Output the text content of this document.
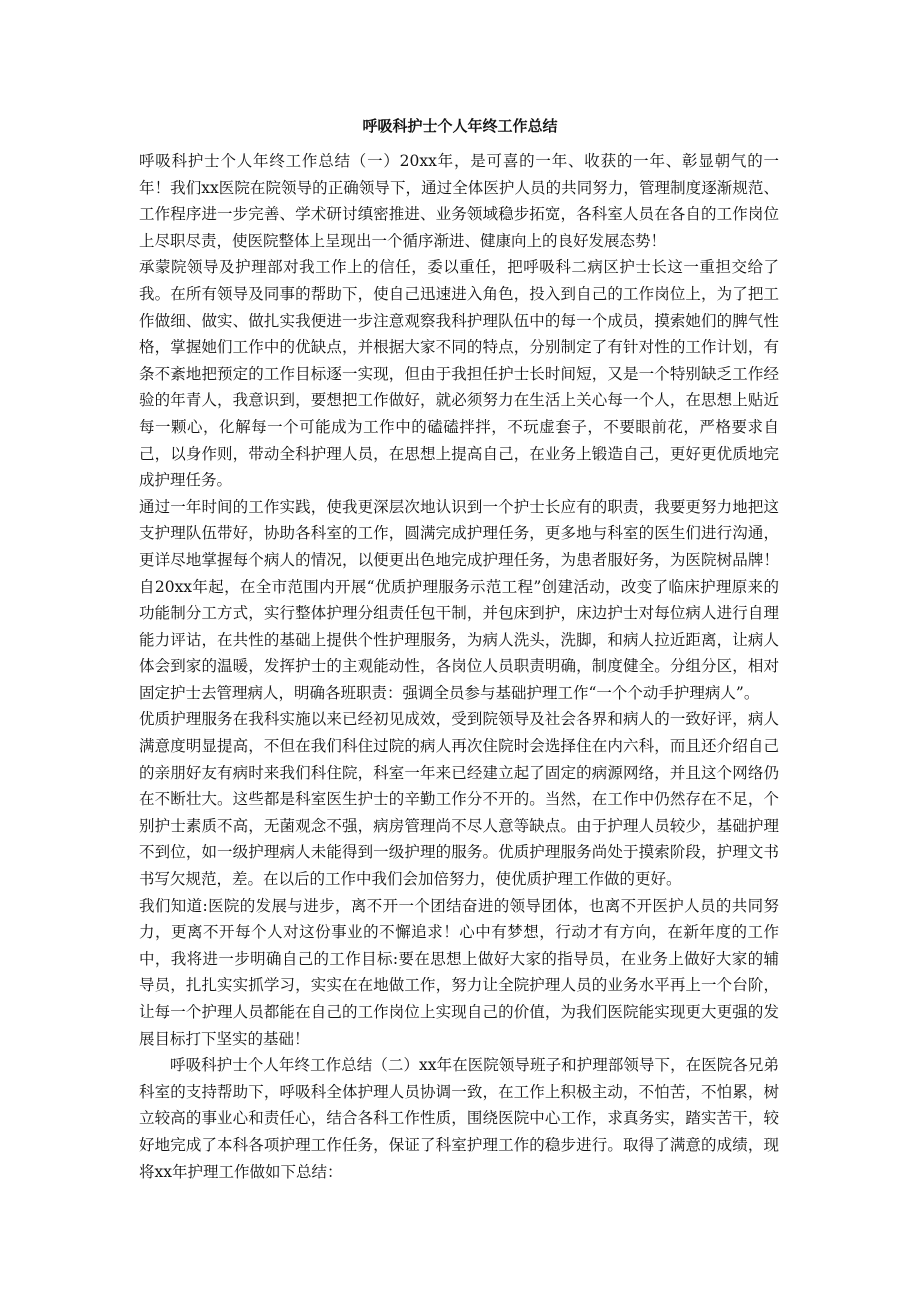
呼吸科护士个人年终工作总结

呼吸科护士个人年终工作总结（一）20xx年，是可喜的一年、收获的一年、彰显朝气的一年！我们xx医院在院领导的正确领导下，通过全体医护人员的共同努力，管理制度逐渐规范、工作程序进一步完善、学术研讨缜密推进、业务领域稳步拓宽，各科室人员在各自的工作岗位上尽职尽责，使医院整体上呈现出一个循序渐进、健康向上的良好发展态势！

承蒙院领导及护理部对我工作上的信任，委以重任，把呼吸科二病区护士长这一重担交给了我。在所有领导及同事的帮助下，使自己迅速进入角色，投入到自己的工作岗位上，为了把工作做细、做实、做扎实我便进一步注意观察我科护理队伍中的每一个成员，摸索她们的脾气性格，掌握她们工作中的优缺点，并根据大家不同的特点，分别制定了有针对性的工作计划，有条不紊地把预定的工作目标逐一实现，但由于我担任护士长时间短，又是一个特别缺乏工作经验的年青人，我意识到，要想把工作做好，就必须努力在生活上关心每一个人，在思想上贴近每一颗心，化解每一个可能成为工作中的磕磕拌拌，不玩虚套子，不要眼前花，严格要求自己，以身作则，带动全科护理人员，在思想上提高自己，在业务上锻造自己，更好更优质地完成护理任务。

通过一年时间的工作实践，使我更深层次地认识到一个护士长应有的职责，我要更努力地把这支护理队伍带好，协助各科室的工作，圆满完成护理任务，更多地与科室的医生们进行沟通，更详尽地掌握每个病人的情况，以便更出色地完成护理任务，为患者服好务，为医院树品牌！自20xx年起，在全市范围内开展“优质护理服务示范工程”创建活动，改变了临床护理原来的功能制分工方式，实行整体护理分组责任包干制，并包床到护，床边护士对每位病人进行自理能力评诂，在共性的基础上提供个性护理服务，为病人洗头，洗脚，和病人拉近距离，让病人体会到家的温暖，发挥护士的主观能动性，各岗位人员职责明确，制度健全。分组分区，相对固定护士去管理病人，明确各班职责：强调全员参与基础护理工作“一个个动手护理病人”。

优质护理服务在我科实施以来已经初见成效，受到院领导及社会各界和病人的一致好评，病人满意度明显提高，不但在我们科住过院的病人再次住院时会选择住在内六科，而且还介绍自己的亲朋好友有病时来我们科住院，科室一年来已经建立起了固定的病源网络，并且这个网络仍在不断壮大。这些都是科室医生护士的辛勤工作分不开的。当然，在工作中仍然存在不足，个别护士素质不高，无菌观念不强，病房管理尚不尽人意等缺点。由于护理人员较少，基础护理不到位，如一级护理病人未能得到一级护理的服务。优质护理服务尚处于摸索阶段，护理文书书写欠规范，差。在以后的工作中我们会加倍努力，使优质护理工作做的更好。

我们知道:医院的发展与进步，离不开一个团结奋进的领导团体，也离不开医护人员的共同努力，更离不开每个人对这份事业的不懈追求！心中有梦想，行动才有方向，在新年度的工作中，我将进一步明确自己的工作目标:要在思想上做好大家的指导员，在业务上做好大家的辅导员，扎扎实实抓学习，实实在在地做工作，努力让全院护理人员的业务水平再上一个台阶，让每一个护理人员都能在自己的工作岗位上实现自己的价值，为我们医院能实现更大更强的发展目标打下坚实的基础！

呼吸科护士个人年终工作总结（二）xx年在医院领导班子和护理部领导下，在医院各兄弟科室的支持帮助下，呼吸科全体护理人员协调一致，在工作上积极主动，不怕苦，不怕累，树立较高的事业心和责任心，结合各科工作性质，围绕医院中心工作，求真务实，踏实苦干，较好地完成了本科各项护理工作任务，保证了科室护理工作的稳步进行。取得了满意的成绩，现将xx年护理工作做如下总结：
